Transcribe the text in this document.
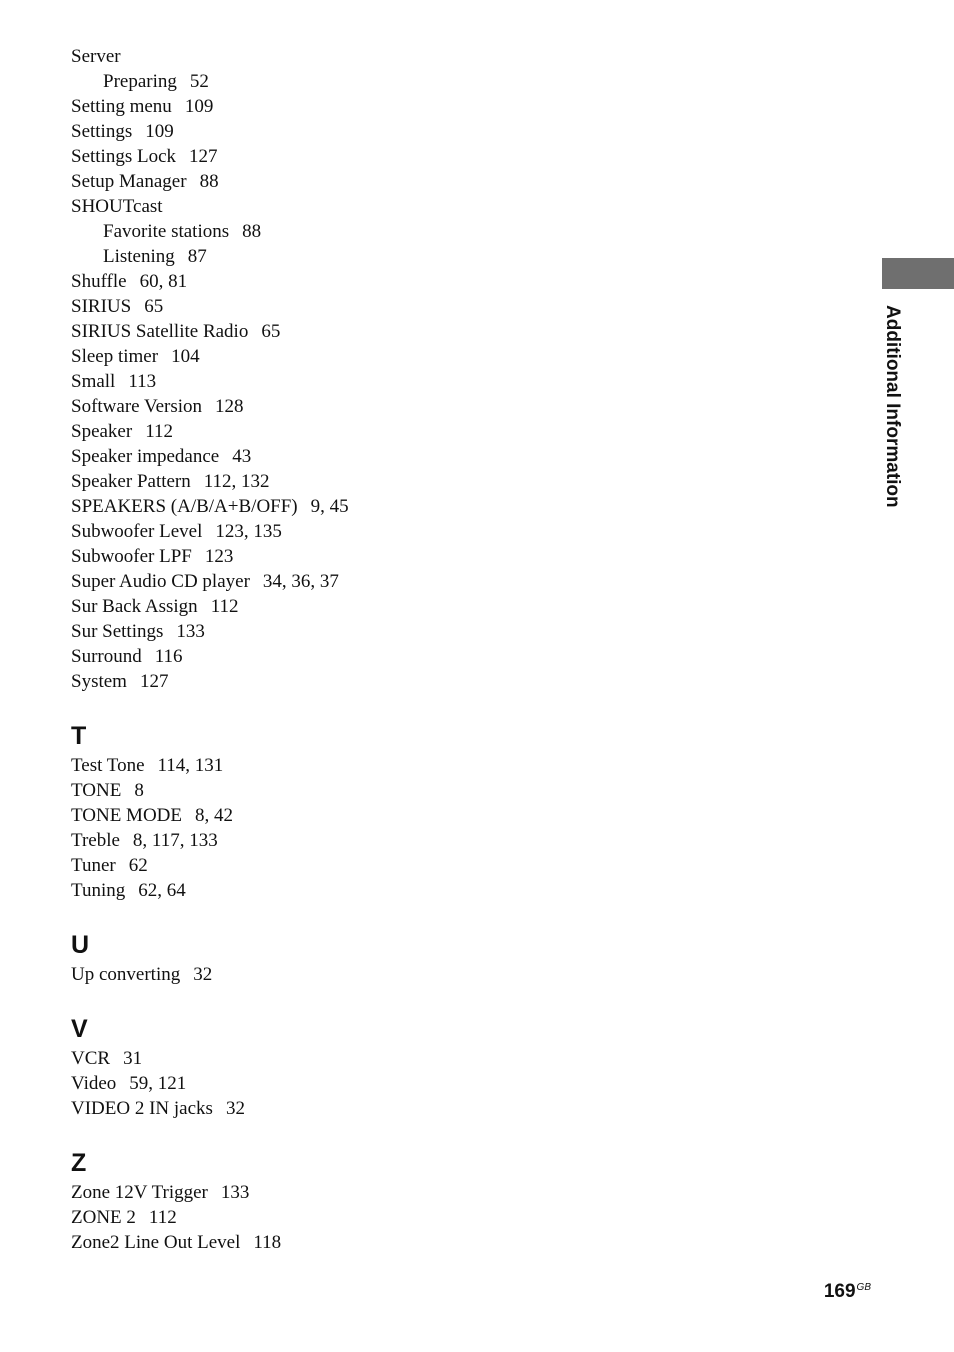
Server
Preparing 52
Setting menu 109
Settings 109
Settings Lock 127
Setup Manager 88
SHOUTcast
Favorite stations 88
Listening 87
Shuffle 60, 81
SIRIUS 65
SIRIUS Satellite Radio 65
Sleep timer 104
Small 113
Software Version 128
Speaker 112
Speaker impedance 43
Speaker Pattern 112, 132
SPEAKERS (A/B/A+B/OFF) 9, 45
Subwoofer Level 123, 135
Subwoofer LPF 123
Super Audio CD player 34, 36, 37
Sur Back Assign 112
Sur Settings 133
Surround 116
System 127
T
Test Tone 114, 131
TONE 8
TONE MODE 8, 42
Treble 8, 117, 133
Tuner 62
Tuning 62, 64
U
Up converting 32
V
VCR 31
Video 59, 121
VIDEO 2 IN jacks 32
Z
Zone 12V Trigger 133
ZONE 2 112
Zone2 Line Out Level 118
Additional Information
$169^{GB}$
